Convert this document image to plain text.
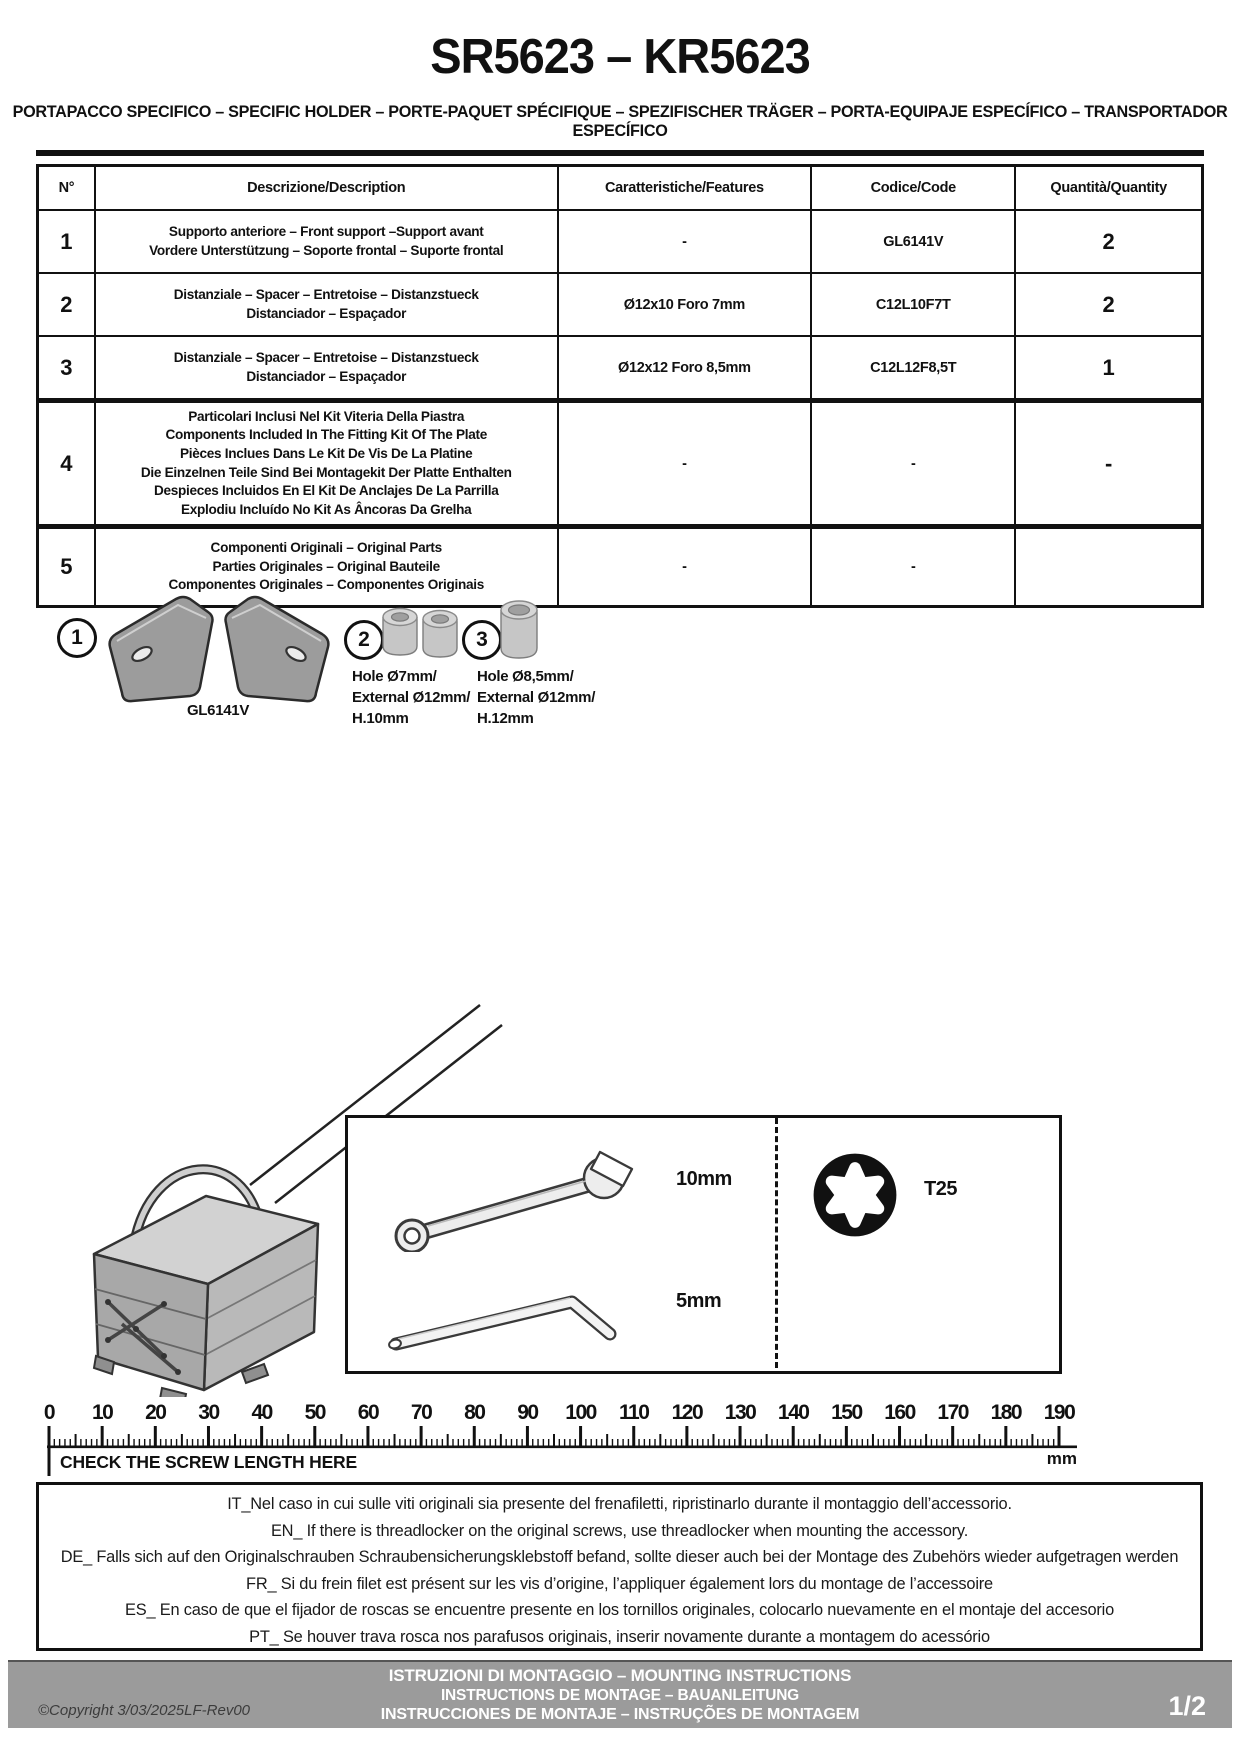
SR5623 – KR5623
PORTAPACCO SPECIFICO – SPECIFIC HOLDER – PORTE-PAQUET SPÉCIFIQUE – SPEZIFISCHER TRÄGER – PORTA-EQUIPAJE ESPECÍFICO – TRANSPORTADOR ESPECÍFICO
N°	Descrizione/Description	Caratteristiche/Features	Codice/Code	Quantità/Quantity
1	Supporto anteriore – Front support –Support avant
Vordere Unterstützung – Soporte frontal – Suporte frontal	-	GL6141V	2
2	Distanziale – Spacer – Entretoise – Distanzstueck
Distanciador – Espaçador	Ø12x10 Foro 7mm	C12L10F7T	2
3	Distanziale – Spacer – Entretoise – Distanzstueck
Distanciador – Espaçador	Ø12x12 Foro 8,5mm	C12L12F8,5T	1
4	
Particolari Inclusi Nel Kit Viteria Della Piastra
Components Included In The Fitting Kit Of The Plate
Pièces Inclues Dans Le Kit De Vis De La Platine
Die Einzelnen Teile Sind Bei Montagekit Der Platte Enthalten
Despieces Incluidos En El Kit De Anclajes De La Parrilla
Explodiu Incluído No Kit As Âncoras Da Grelha
	-	-	-
5	Componenti Originali – Original Parts
Parties Originales – Original Bauteile
Componentes Originales – Componentes Originais	-	-	
1
GL6141V
2
Hole Ø7mm/
External Ø12mm/
H.10mm
3
Hole Ø8,5mm/
External Ø12mm/
H.12mm
10mm	T25
5mm
0 10 20 30 40 50 60 70 80 90 100 110 120 130 140 150 160 170 180 190
mm
CHECK THE SCREW LENGTH HERE
IT_Nel caso in cui sulle viti originali sia presente del frenafiletti, ripristinarlo durante il montaggio dell’accessorio.
EN_ If there is threadlocker on the original screws, use threadlocker when mounting the accessory.
DE_ Falls sich auf den Originalschrauben Schraubensicherungsklebstoff befand, sollte dieser auch bei der Montage des Zubehörs wieder aufgetragen werden
FR_ Si du frein filet est présent sur les vis d’origine, l’appliquer également lors du montage de l’accessoire
ES_ En caso de que el fijador de roscas se encuentre presente en los tornillos originales, colocarlo nuevamente en el montaje del accesorio
PT_ Se houver trava rosca nos parafusos originais, inserir novamente durante a montagem do acessório
©Copyright 3/03/2025LF-Rev00
ISTRUZIONI DI MONTAGGIO – MOUNTING INSTRUCTIONS
INSTRUCTIONS DE MONTAGE – BAUANLEITUNG
INSTRUCCIONES DE MONTAJE – INSTRUÇÕES DE MONTAGEM	1/2
